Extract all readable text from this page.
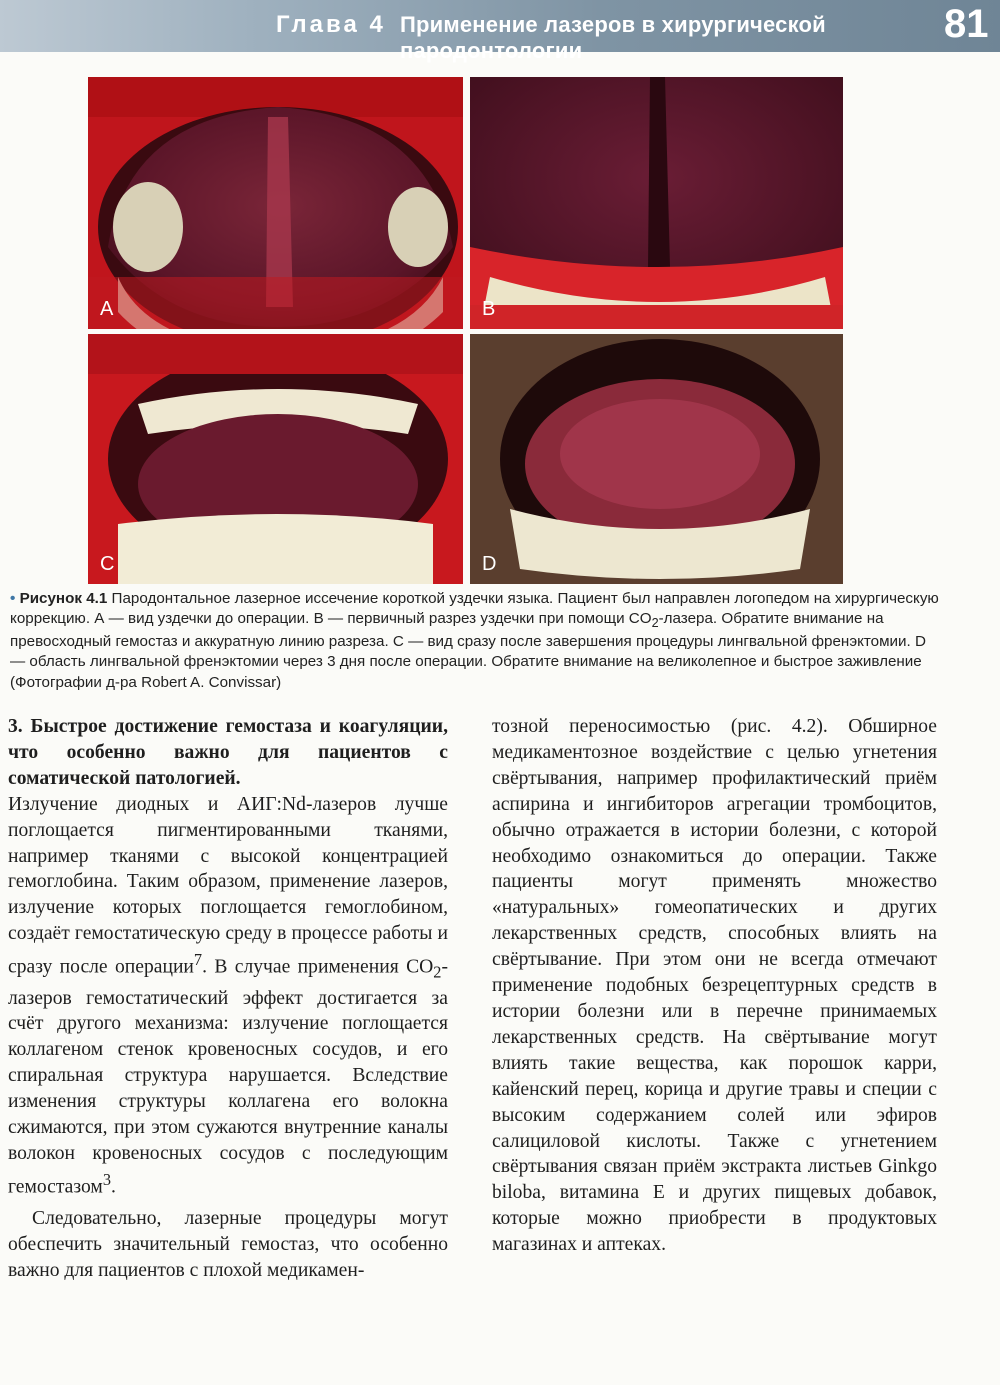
Глава 4 Применение лазеров в хирургической пародонтологии
81
A	B
C	D

• Рисунок 4.1 Пародонтальное лазерное иссечение короткой уздечки языка. Пациент был направлен логопедом на хирургическую коррекцию. А — вид уздечки до операции. В — первичный разрез уздечки при помощи $CO_2$-лазера. Обратите внимание на превосходный гемостаз и аккуратную линию разреза. С — вид сразу после завершения процедуры лингвальной френэктомии. D — область лингвальной френэктомии через 3 дня после операции. Обратите внимание на великолепное и быстрое заживление (Фотографии д-ра Robert A. Convissar)

3. Быстрое достижение гемостаза и коагуляции, что особенно важно для пациентов с соматической патологией.

Излучение диодных и АИГ:Nd-лазеров лучше поглощается пигментированными тканями, например тканями с высокой концентрацией гемоглобина. Таким образом, применение лазеров, излучение которых поглощается гемоглобином, создаёт гемостатическую среду в процессе работы и сразу после операции$^7$. В случае применения $CO_2$-лазеров гемостатический эффект достигается за счёт другого механизма: излучение поглощается коллагеном стенок кровеносных сосудов, и его спиральная структура нарушается. Вследствие изменения структуры коллагена его волокна сжимаются, при этом сужаются внутренние каналы волокон кровеносных сосудов с последующим гемостазом$^3$.

Следовательно, лазерные процедуры могут обеспечить значительный гемостаз, что особенно важно для пациентов с плохой медикамен-

тозной переносимостью (рис. 4.2). Обширное медикаментозное воздействие с целью угнетения свёртывания, например профилактический приём аспирина и ингибиторов агрегации тромбоцитов, обычно отражается в истории болезни, с которой необходимо ознакомиться до операции. Также пациенты могут применять множество «натуральных» гомеопатических и других лекарственных средств, способных влиять на свёртывание. При этом они не всегда отмечают применение подобных безрецептурных средств в истории болезни или в перечне принимаемых лекарственных средств. На свёртывание могут влиять такие вещества, как порошок карри, кайенский перец, корица и другие травы и специи с высоким содержанием солей или эфиров салициловой кислоты. Также с угнетением свёртывания связан приём экстракта листьев Ginkgo biloba, витамина Е и других пищевых добавок, которые можно приобрести в продуктовых магазинах и аптеках.
